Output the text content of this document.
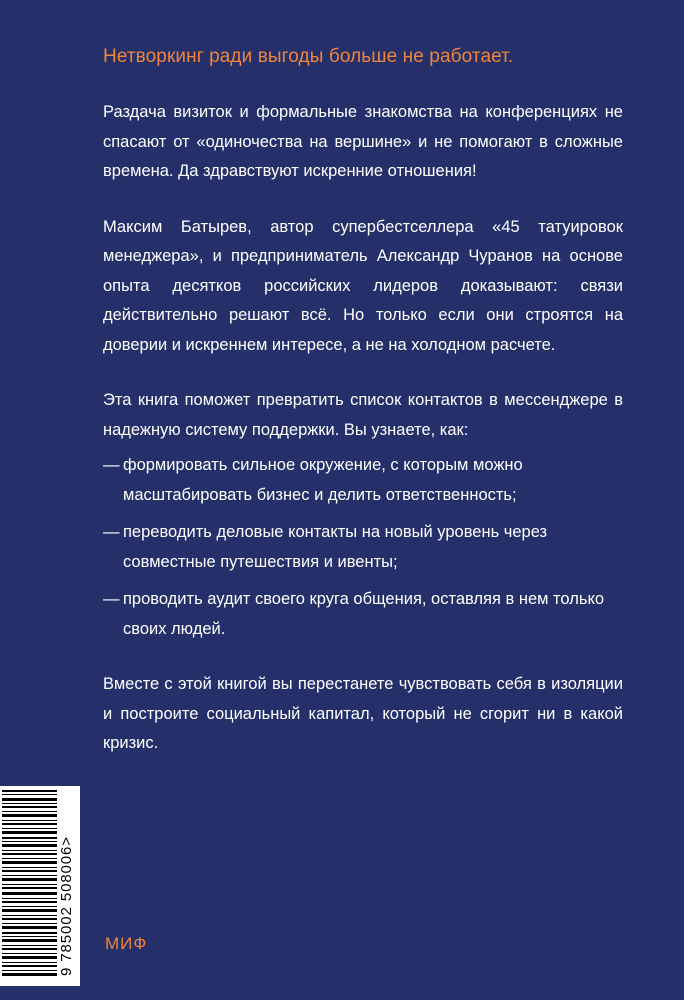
Нетворкинг ради выгоды больше не работает.

Раздача визиток и формальные знакомства на конференциях не спасают от «одиночества на вершине» и не помогают в сложные времена. Да здравствуют искренние отношения!

Максим Батырев, автор супербестселлера «45 татуировок менеджера», и предприниматель Александр Чуранов на основе опыта десятков российских лидеров доказывают: связи действительно решают всё. Но только если они строятся на доверии и искреннем интересе, а не на холодном расчете.

Эта книга поможет превратить список контактов в мессенджере в надежную систему поддержки. Вы узнаете, как:

— формировать сильное окружение, с которым можно масштабировать бизнес и делить ответственность;
— переводить деловые контакты на новый уровень через совместные путешествия и ивенты;
— проводить аудит своего круга общения, оставляя в нем только своих людей.

Вместе с этой книгой вы перестанете чувствовать себя в изоляции и построите социальный капитал, который не сгорит ни в какой кризис.

9 785002 508006>
МИФ
